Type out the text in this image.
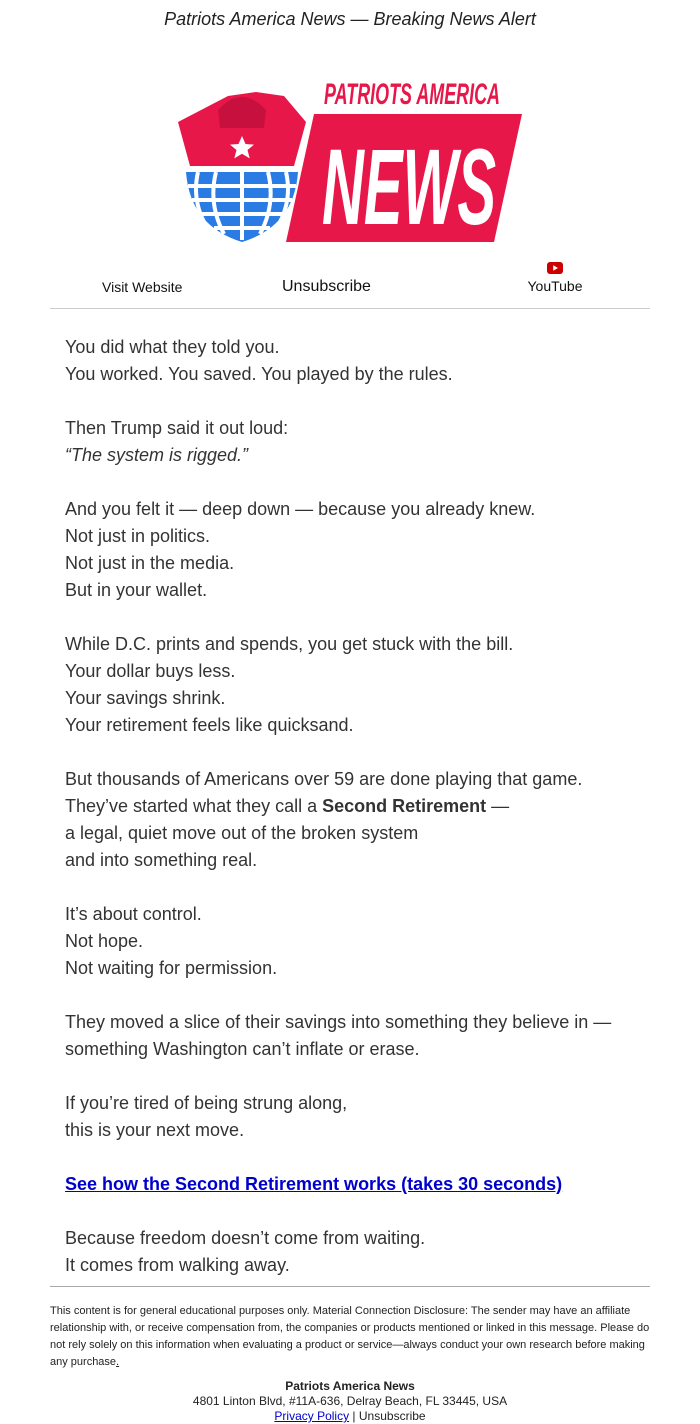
Patriots America News — Breaking News Alert
PATRIOTS AMERICA
NEWS
Visit Website	Unsubscribe	YouTube

You did what they told you.
You worked. You saved. You played by the rules.

Then Trump said it out loud:
“The system is rigged.”

And you felt it — deep down — because you already knew.
Not just in politics.
Not just in the media.
But in your wallet.

While D.C. prints and spends, you get stuck with the bill.
Your dollar buys less.
Your savings shrink.
Your retirement feels like quicksand.

But thousands of Americans over 59 are done playing that game.
They’ve started what they call a Second Retirement —
a legal, quiet move out of the broken system
and into something real.

It’s about control.
Not hope.
Not waiting for permission.

They moved a slice of their savings into something they believe in —
something Washington can’t inflate or erase.

If you’re tired of being strung along,
this is your next move.

See how the Second Retirement works (takes 30 seconds)

Because freedom doesn’t come from waiting.
It comes from walking away.

This content is for general educational purposes only. Material Connection Disclosure: The sender may have an affiliate relationship with, or receive compensation from, the companies or products mentioned or linked in this message. Please do not rely solely on this information when evaluating a product or service—always conduct your own research before making any purchase.

Patriots America News
4801 Linton Blvd, #11A-636, Delray Beach, FL 33445, USA
Privacy Policy | Unsubscribe
